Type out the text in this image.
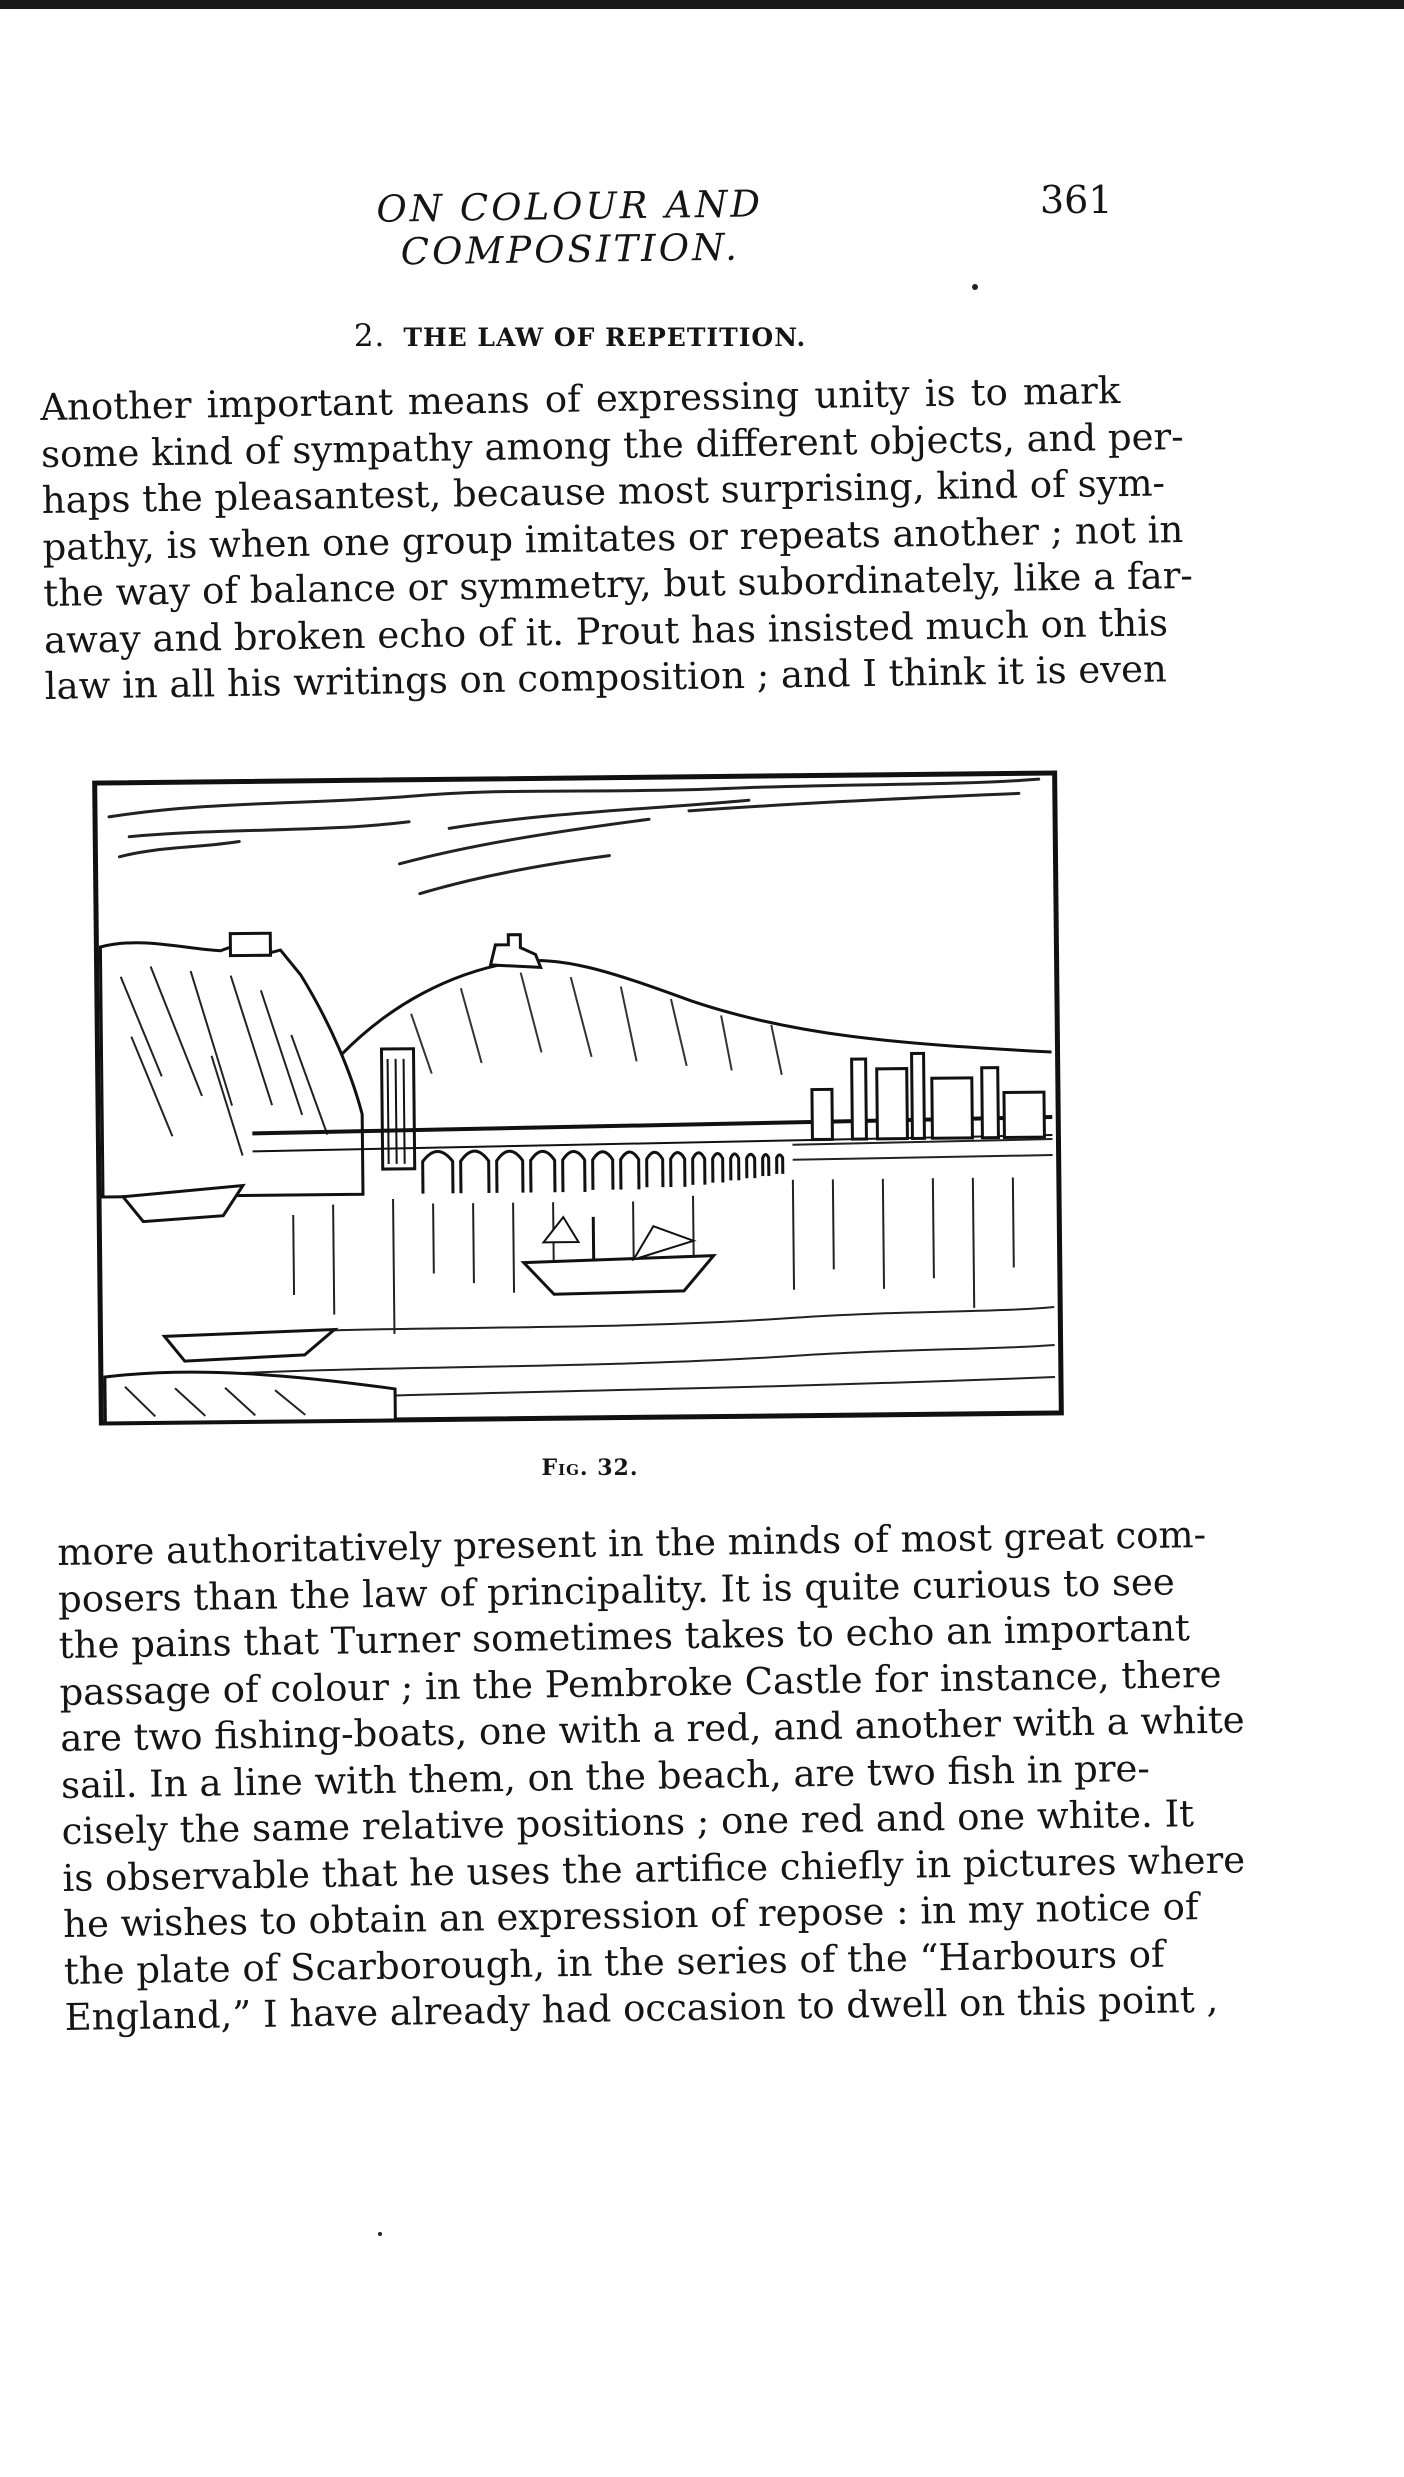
ON COLOUR AND COMPOSITION.
361
2. THE LAW OF REPETITION.
Another important means of expressing unity is to mark
some kind of sympathy among the different objects, and per-
haps the pleasantest, because most surprising, kind of sym-
pathy, is when one group imitates or repeats another ; not in
the way of balance or symmetry, but subordinately, like a far-
away and broken echo of it. Prout has insisted much on this
law in all his writings on composition ; and I think it is even
Fig. 32.
more authoritatively present in the minds of most great com-
posers than the law of principality. It is quite curious to see
the pains that Turner sometimes takes to echo an important
passage of colour ; in the Pembroke Castle for instance, there
are two fishing-boats, one with a red, and another with a white
sail. In a line with them, on the beach, are two fish in pre-
cisely the same relative positions ; one red and one white. It
is observable that he uses the artifice chiefly in pictures where
he wishes to obtain an expression of repose : in my notice of
the plate of Scarborough, in the series of the “Harbours of
England,” I have already had occasion to dwell on this point ,
